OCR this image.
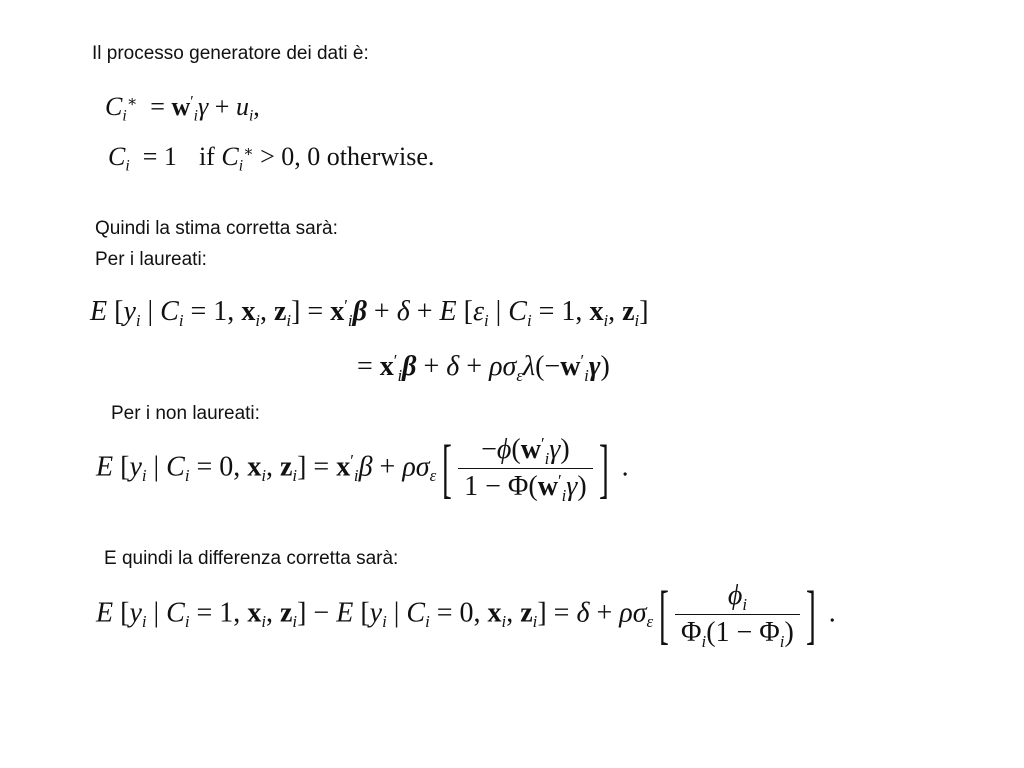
Il processo generatore dei dati è:
$C_i^∗ = w'_i\gamma + u_i$,
$C_i = 1$ if $C_i^∗ > 0$, 0 otherwise.
Quindi la stima corretta sarà:
Per i laureati:
E [$y_i$ | $C_i = 1$, $x_i$, $z_i] = x'_i\beta + \delta + E$ [$\varepsilon_i$ | $C_i = 1$, $x_i$, $z_i$]
= $x'_i\beta + \delta + \rho\sigma_\varepsilon\lambda(-w'_i\gamma)$
Per i non laureati:
E [$y_i$ | $C_i = 0$, $x_i$, $z_i] = x'_i\beta + \rho\sigma_\varepsilon[ \frac{-\phi(w'_i\gamma)}{1 - \Phi(w'_i\gamma)}$ ] .
E quindi la differenza corretta sarà:
E [$y_i$ | $C_i = 1$, $x_i$, $z_i] - E$ [$y_i$ | $C_i = 0$, $x_i$, $z_i] = \delta + \rho\sigma_\varepsilon[ \frac{\phi_i}{\Phi_i(1 - \Phi_i)}$ ] .
